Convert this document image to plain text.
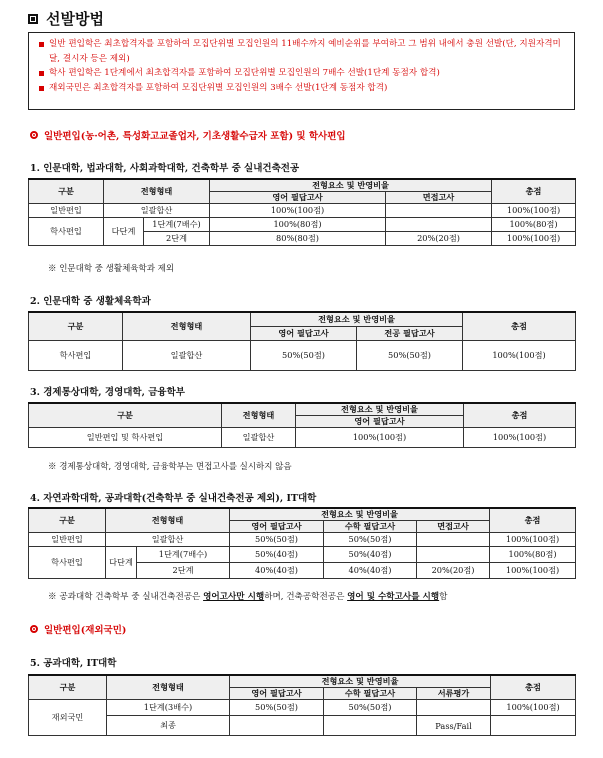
선발방법
일반 편입학은 최초합격자를 포함하여 모집단위별 모집인원의 11배수까지 예비순위를 부여하고 그 범위 내에서 충원 선발(단, 지원자격미달, 결시자 등은 제외)
학사 편입학은 1단계에서 최초합격자를 포함하여 모집단위별 모집인원의 7배수 선발(1단계 동점자 합격)
재외국민은 최초합격자를 포함하여 모집단위별 모집인원의 3배수 선발(1단계 동점자 합격)
일반편입(농·어촌, 특성화고교졸업자, 기초생활수급자 포함) 및 학사편입
1. 인문대학, 법과대학, 사회과학대학, 건축학부 중 실내건축전공
구분	전형형태		전형요소 및 반영비율		총점
			영어 필답고사	면접고사	
일반편입	일괄합산		100%(100점)		100%(100점)
학사편입	다단계	1단계(7배수)	100%(80점)		100%(80점)
		2단계	80%(80점)	20%(20점)	100%(100점)
※ 인문대학 중 생활체육학과 제외
2. 인문대학 중 생활체육학과
구분	전형형태	전형요소 및 반영비율		총점
		영어 필답고사	전공 필답고사	
학사편입	일괄합산	50%(50점)	50%(50점)	100%(100점)
3. 경제통상대학, 경영대학, 금융학부
구분	전형형태	전형요소 및 반영비율	총점
		영어 필답고사	
일반편입 및 학사편입	일괄합산	100%(100점)	100%(100점)
※ 경제통상대학, 경영대학, 금융학부는 면접고사를 실시하지 않음
4. 자연과학대학, 공과대학(건축학부 중 실내건축전공 제외), IT대학
구분	전형형태		전형요소 및 반영비율			총점
			영어 필답고사	수학 필답고사	면접고사	
일반편입	일괄합산		50%(50점)	50%(50점)		100%(100점)
학사편입	다단계	1단계(7배수)	50%(40점)	50%(40점)		100%(80점)
		2단계	40%(40점)	40%(40점)	20%(20점)	100%(100점)
※ 공과대학 건축학부 중 실내건축전공은 영어고사만 시행하며, 건축공학전공은 영어 및 수학고사를 시행함
일반편입(재외국민)
5. 공과대학, IT대학
구분	전형형태	전형요소 및 반영비율			총점
		영어 필답고사	수학 필답고사	서류평가	
재외국민	1단계(3배수)	50%(50점)	50%(50점)		100%(100점)
	최종			Pass/Fail	
